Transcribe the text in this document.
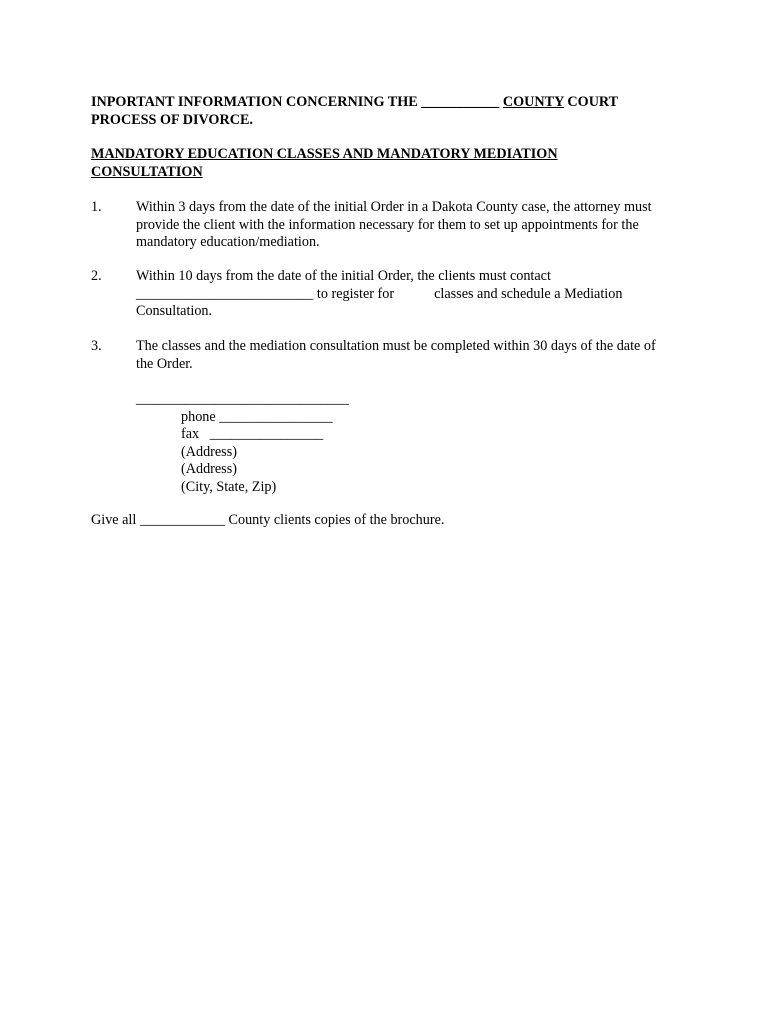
INPORTANT INFORMATION CONCERNING THE ___________ COUNTY COURT
PROCESS OF DIVORCE.
MANDATORY EDUCATION CLASSES AND MANDATORY MEDIATION
CONSULTATION
1. Within 3 days from the date of the initial Order in a Dakota County case, the attorney must
provide the client with the information necessary for them to set up appointments for the
mandatory education/mediation.
2. Within 10 days from the date of the initial Order, the clients must contact
_________________________ to register for	classes and schedule a Mediation
Consultation.
3. The classes and the mediation consultation must be completed within 30 days of the date of
the Order.
______________________________
phone ________________
fax   ________________
(Address)
(Address)
(City, State, Zip)
Give all ____________ County clients copies of the brochure.
